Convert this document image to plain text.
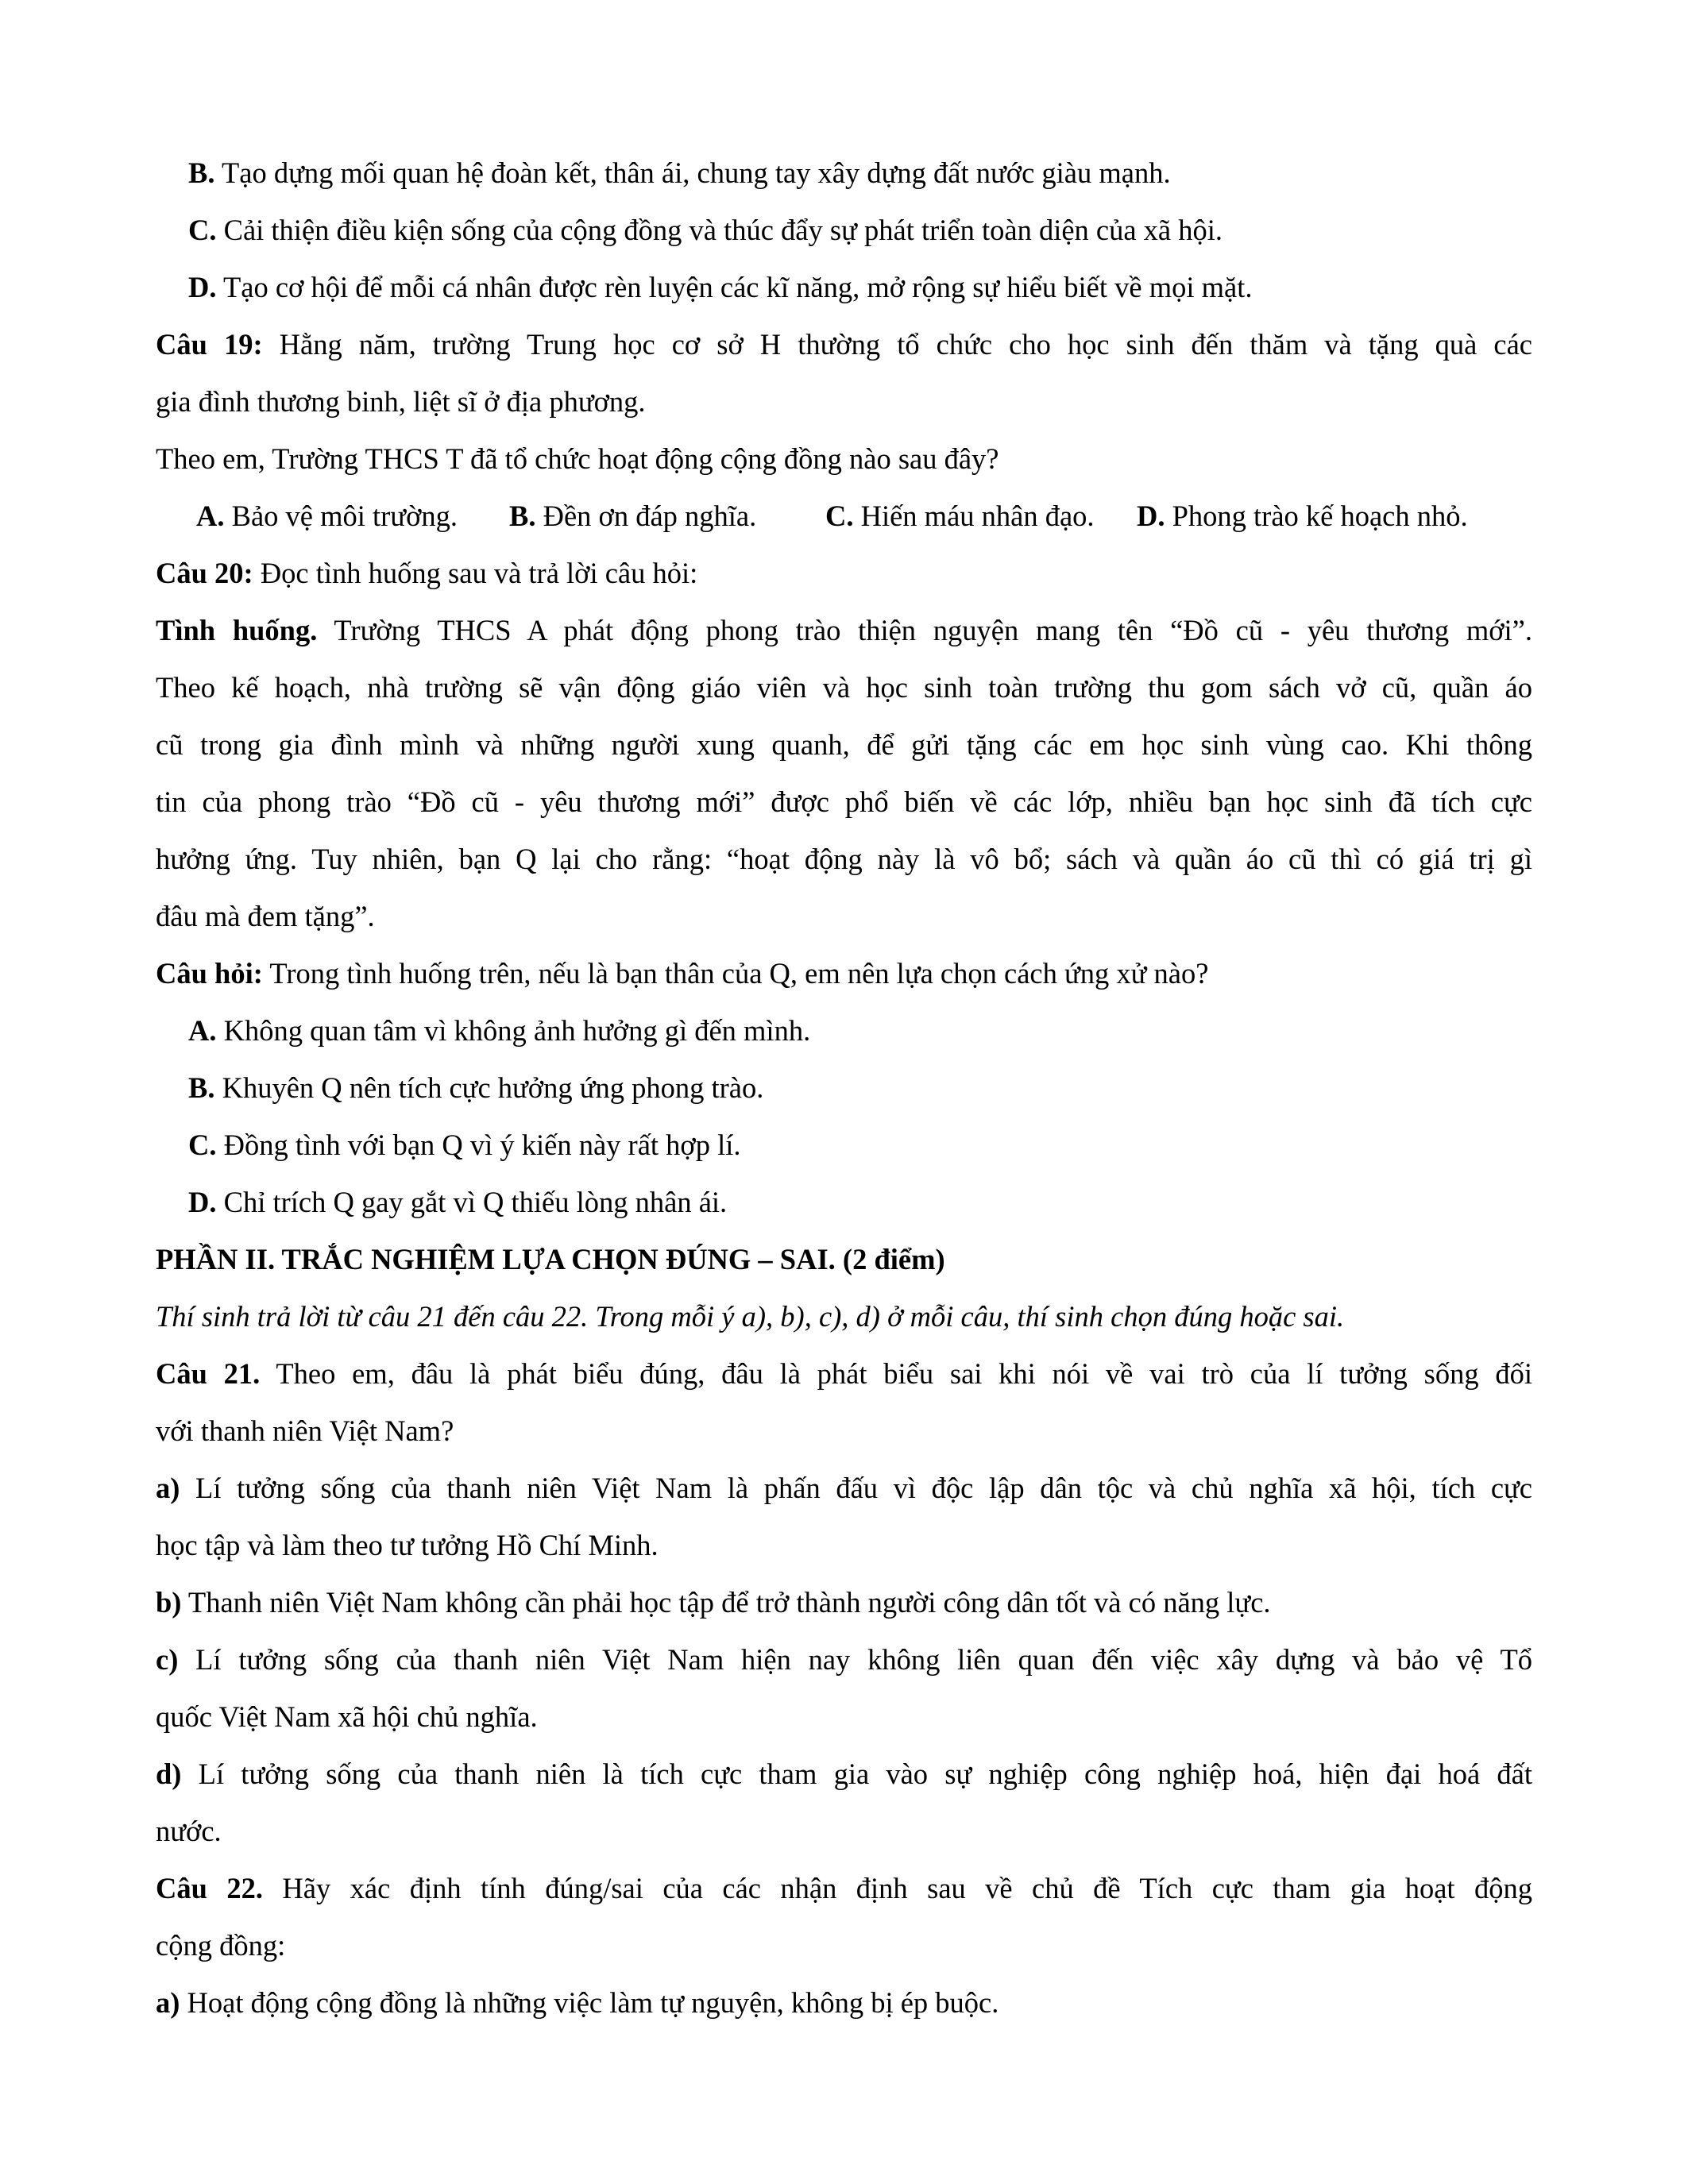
B. Tạo dựng mối quan hệ đoàn kết, thân ái, chung tay xây dựng đất nước giàu mạnh.
C. Cải thiện điều kiện sống của cộng đồng và thúc đẩy sự phát triển toàn diện của xã hội.
D. Tạo cơ hội để mỗi cá nhân được rèn luyện các kĩ năng, mở rộng sự hiểu biết về mọi mặt.
Câu 19: Hằng năm, trường Trung học cơ sở H thường tổ chức cho học sinh đến thăm và tặng quà các
gia đình thương binh, liệt sĩ ở địa phương.
Theo em, Trường THCS T đã tổ chức hoạt động cộng đồng nào sau đây?
A. Bảo vệ môi trường. B. Đền ơn đáp nghĩa. C. Hiến máu nhân đạo. D. Phong trào kế hoạch nhỏ.
Câu 20: Đọc tình huống sau và trả lời câu hỏi:
Tình huống. Trường THCS A phát động phong trào thiện nguyện mang tên “Đồ cũ - yêu thương mới”.
Theo kế hoạch, nhà trường sẽ vận động giáo viên và học sinh toàn trường thu gom sách vở cũ, quần áo
cũ trong gia đình mình và những người xung quanh, để gửi tặng các em học sinh vùng cao. Khi thông
tin của phong trào “Đồ cũ - yêu thương mới” được phổ biến về các lớp, nhiều bạn học sinh đã tích cực
hưởng ứng. Tuy nhiên, bạn Q lại cho rằng: “hoạt động này là vô bổ; sách và quần áo cũ thì có giá trị gì
đâu mà đem tặng”.
Câu hỏi: Trong tình huống trên, nếu là bạn thân của Q, em nên lựa chọn cách ứng xử nào?
A. Không quan tâm vì không ảnh hưởng gì đến mình.
B. Khuyên Q nên tích cực hưởng ứng phong trào.
C. Đồng tình với bạn Q vì ý kiến này rất hợp lí.
D. Chỉ trích Q gay gắt vì Q thiếu lòng nhân ái.
PHẦN II. TRẮC NGHIỆM LỰA CHỌN ĐÚNG – SAI. (2 điểm)
Thí sinh trả lời từ câu 21 đến câu 22. Trong mỗi ý a), b), c), d) ở mỗi câu, thí sinh chọn đúng hoặc sai.
Câu 21. Theo em, đâu là phát biểu đúng, đâu là phát biểu sai khi nói về vai trò của lí tưởng sống đối
với thanh niên Việt Nam?
a) Lí tưởng sống của thanh niên Việt Nam là phấn đấu vì độc lập dân tộc và chủ nghĩa xã hội, tích cực
học tập và làm theo tư tưởng Hồ Chí Minh.
b) Thanh niên Việt Nam không cần phải học tập để trở thành người công dân tốt và có năng lực.
c) Lí tưởng sống của thanh niên Việt Nam hiện nay không liên quan đến việc xây dựng và bảo vệ Tổ
quốc Việt Nam xã hội chủ nghĩa.
d) Lí tưởng sống của thanh niên là tích cực tham gia vào sự nghiệp công nghiệp hoá, hiện đại hoá đất
nước.
Câu 22. Hãy xác định tính đúng/sai của các nhận định sau về chủ đề Tích cực tham gia hoạt động
cộng đồng:
a) Hoạt động cộng đồng là những việc làm tự nguyện, không bị ép buộc.
